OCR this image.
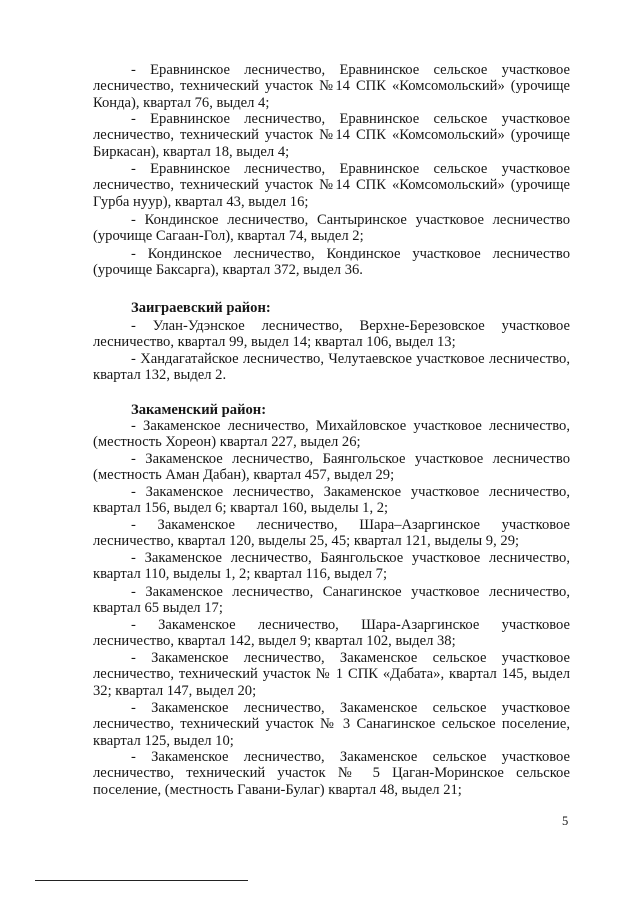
- Еравнинское лесничество, Еравнинское сельское участковое лесничество, технический участок №14 СПК «Комсомольский» (урочище Конда), квартал 76, выдел 4;

- Еравнинское лесничество, Еравнинское сельское участковое лесничество, технический участок №14 СПК «Комсомольский» (урочище Биркасан), квартал 18, выдел 4;

- Еравнинское лесничество, Еравнинское сельское участковое лесничество, технический участок №14 СПК «Комсомольский» (урочище Гурба нуур), квартал 43, выдел 16;

- Кондинское лесничество, Сантыринское участковое лесничество (урочище Сагаан-Гол), квартал 74, выдел 2;

- Кондинское лесничество, Кондинское участковое лесничество (урочище Баксарга), квартал 372, выдел 36.

Заиграевский район:

- Улан-Удэнское лесничество, Верхне-Березовское участковое лесничество, квартал 99, выдел 14; квартал 106, выдел 13;

- Хандагатайское лесничество, Челутаевское участковое лесничество, квартал 132, выдел 2.

Закаменский район:

- Закаменское лесничество, Михайловское участковое лесничество, (местность Хореон) квартал 227, выдел 26;

- Закаменское лесничество, Баянгольское участковое лесничество (местность Аман Дабан), квартал 457, выдел 29;

- Закаменское лесничество, Закаменское участковое лесничество, квартал 156, выдел 6; квартал 160, выделы 1, 2;

- Закаменское лесничество, Шара–Азаргинское участковое лесничество, квартал 120, выделы 25, 45; квартал 121, выделы 9, 29;

- Закаменское лесничество, Баянгольское участковое лесничество, квартал 110, выделы 1, 2; квартал 116, выдел 7;

- Закаменское лесничество, Санагинское участковое лесничество, квартал 65 выдел 17;

- Закаменское лесничество, Шара-Азаргинское участковое лесничество, квартал 142, выдел 9; квартал 102, выдел 38;

- Закаменское лесничество, Закаменское сельское участковое лесничество, технический участок № 1 СПК «Дабата», квартал 145, выдел 32; квартал 147, выдел 20;

- Закаменское лесничество, Закаменское сельское участковое лесничество, технический участок № 3 Санагинское сельское поселение, квартал 125, выдел 10;

- Закаменское лесничество, Закаменское сельское участковое лесничество, технический участок № 5 Цаган-Моринское сельское поселение, (местность Гавани-Булаг) квартал 48, выдел 21;

5
